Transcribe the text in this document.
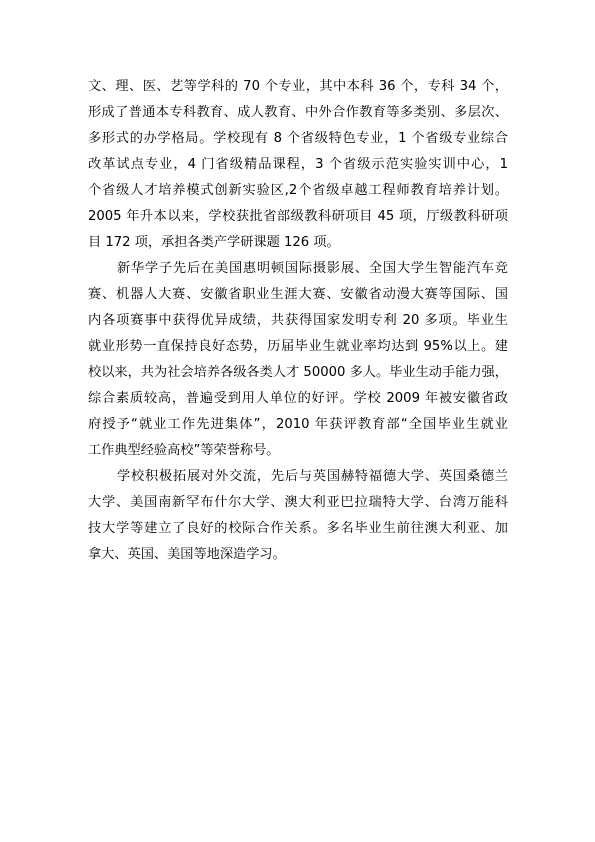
文、理、医、艺等学科的 70 个专业，其中本科 36 个，专科 34 个，
形成了普通本专科教育、成人教育、中外合作教育等多类别、多层次、
多形式的办学格局。学校现有 8 个省级特色专业，1 个省级专业综合
改革试点专业，4 门省级精品课程，3 个省级示范实验实训中心，1
个省级人才培养模式创新实验区,2个省级卓越工程师教育培养计划。
2005 年升本以来，学校获批省部级教科研项目 45 项，厅级教科研项
目 172 项，承担各类产学研课题 126 项。
新华学子先后在美国惠明顿国际摄影展、全国大学生智能汽车竞
赛、机器人大赛、安徽省职业生涯大赛、安徽省动漫大赛等国际、国
内各项赛事中获得优异成绩，共获得国家发明专利 20 多项。毕业生
就业形势一直保持良好态势，历届毕业生就业率均达到 95%以上。建
校以来，共为社会培养各级各类人才 50000 多人。毕业生动手能力强，
综合素质较高，普遍受到用人单位的好评。学校 2009 年被安徽省政
府授予“就业工作先进集体”，2010 年获评教育部“全国毕业生就业
工作典型经验高校”等荣誉称号。
学校积极拓展对外交流，先后与英国赫特福德大学、英国桑德兰
大学、美国南新罕布什尔大学、澳大利亚巴拉瑞特大学、台湾万能科
技大学等建立了良好的校际合作关系。多名毕业生前往澳大利亚、加
拿大、英国、美国等地深造学习。
